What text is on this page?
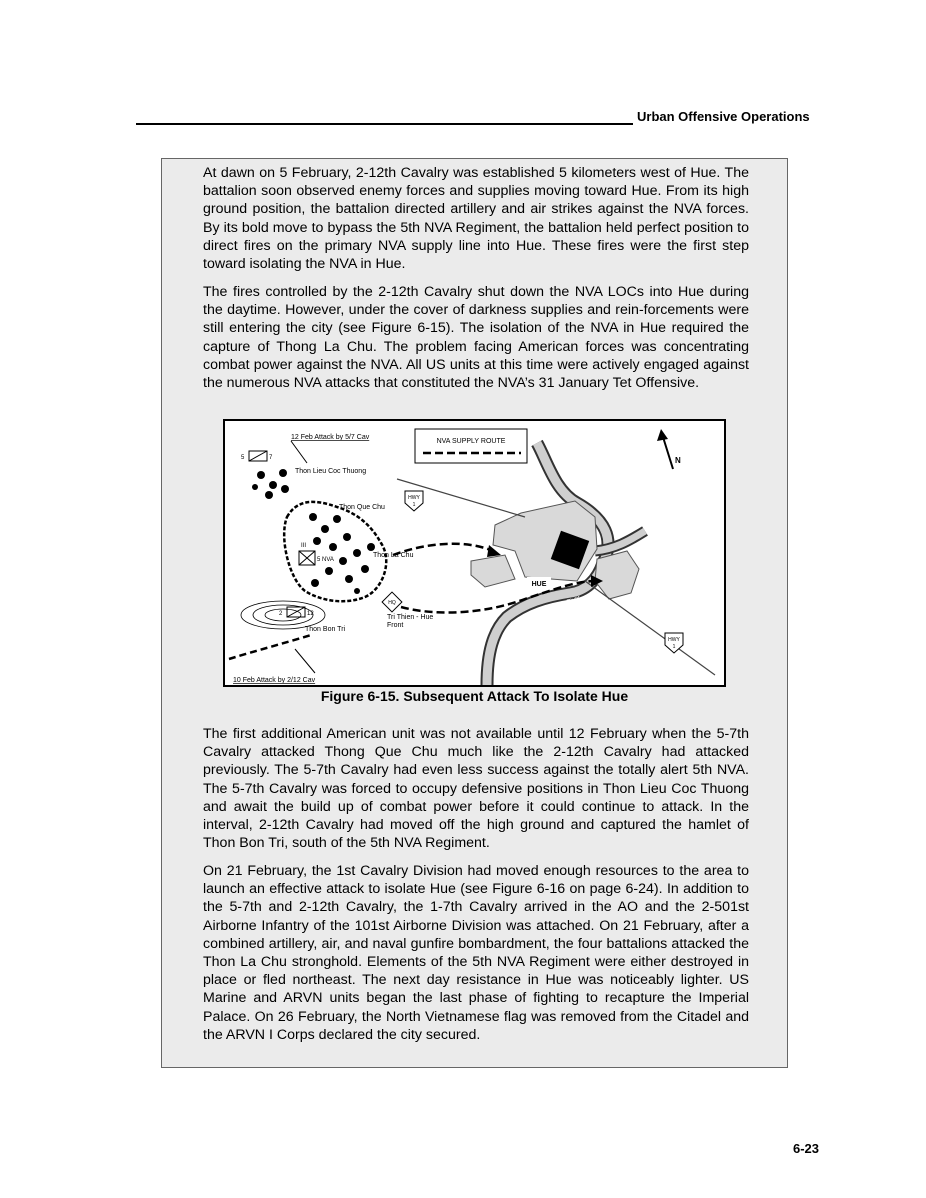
Urban Offensive Operations

At dawn on 5 February, 2-12th Cavalry was established 5 kilometers west of Hue. The battalion soon observed enemy forces and supplies moving toward Hue. From its high ground position, the battalion directed artillery and air strikes against the NVA forces. By its bold move to bypass the 5th NVA Regiment, the battalion held perfect position to direct fires on the primary NVA supply line into Hue. These fires were the first step toward isolating the NVA in Hue.

The fires controlled by the 2-12th Cavalry shut down the NVA LOCs into Hue during the daytime. However, under the cover of darkness supplies and rein-forcements were still entering the city (see Figure 6-15). The isolation of the NVA in Hue required the capture of Thong La Chu. The problem facing American forces was concentrating combat power against the NVA. All US units at this time were actively engaged against the numerous NVA attacks that constituted the NVA’s 31 January Tet Offensive.

NVA SUPPLY ROUTE
N
12 Feb Attack by 5/7 Cav
5	7
2	12
5 NVA
III
HQ
HWY
1
HWY
1
10 Feb Attack by 2/12 Cav
Thon Lieu Coc Thuong
Thon Que Chu
Thon La Chu
Thon Bon Tri
Tri Thien - Hue
Front
HUE
Perfume River
Figure 6-15. Subsequent Attack To Isolate Hue

The first additional American unit was not available until 12 February when the 5-7th Cavalry attacked Thong Que Chu much like the 2-12th Cavalry had attacked previously. The 5-7th Cavalry had even less success against the totally alert 5th NVA. The 5-7th Cavalry was forced to occupy defensive positions in Thon Lieu Coc Thuong and await the build up of combat power before it could continue to attack. In the interval, 2-12th Cavalry had moved off the high ground and captured the hamlet of Thon Bon Tri, south of the 5th NVA Regiment.

On 21 February, the 1st Cavalry Division had moved enough resources to the area to launch an effective attack to isolate Hue (see Figure 6-16 on page 6-24). In addition to the 5-7th and 2-12th Cavalry, the 1-7th Cavalry arrived in the AO and the 2-501st Airborne Infantry of the 101st Airborne Division was attached. On 21 February, after a combined artillery, air, and naval gunfire bombardment, the four battalions attacked the Thon La Chu stronghold. Elements of the 5th NVA Regiment were either destroyed in place or fled northeast. The next day resistance in Hue was noticeably lighter. US Marine and ARVN units began the last phase of fighting to recapture the Imperial Palace. On 26 February, the North Vietnamese flag was removed from the Citadel and the ARVN I Corps declared the city secured.

6-23
